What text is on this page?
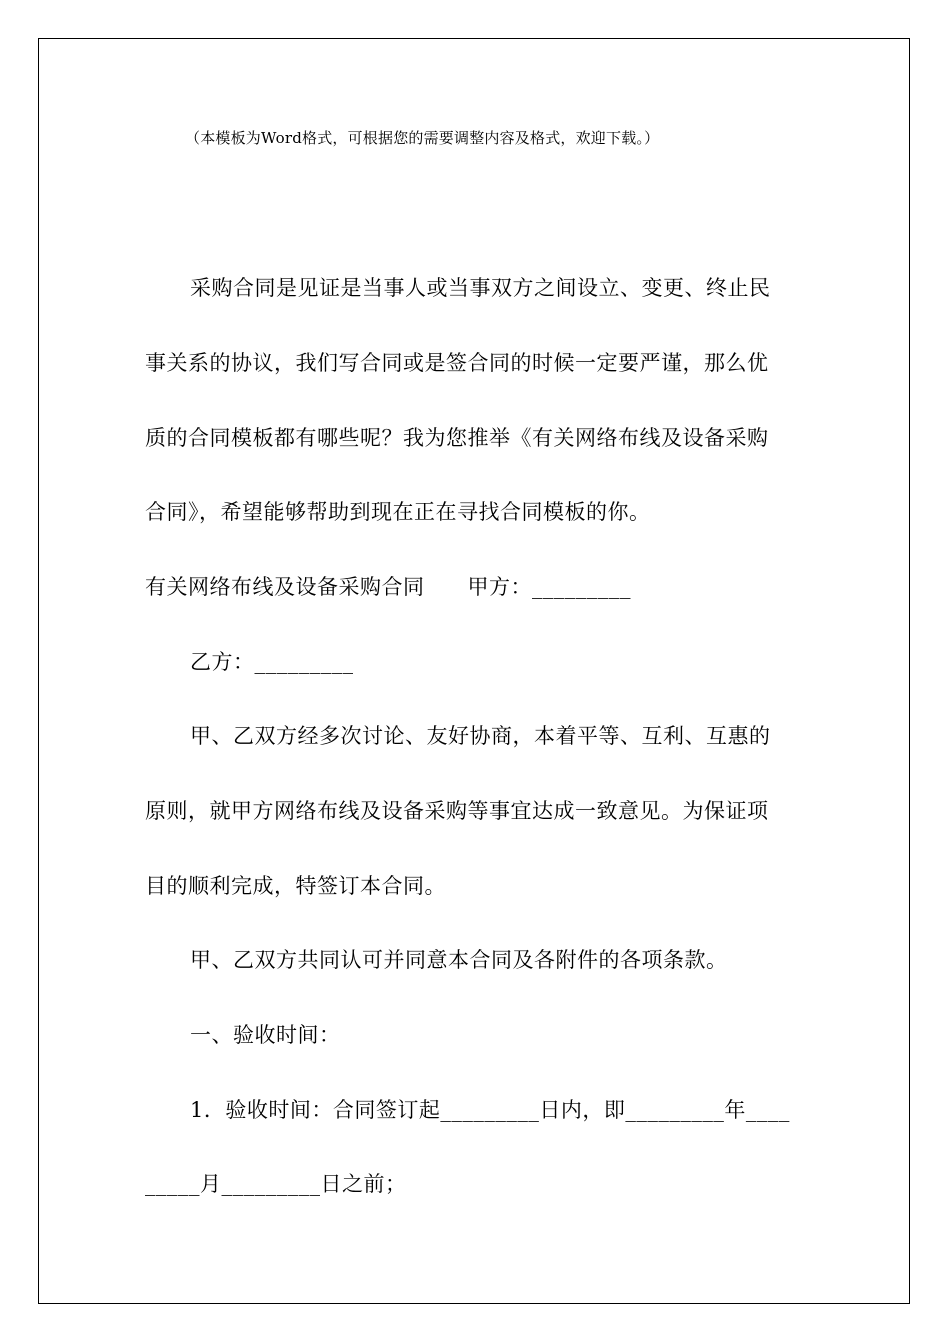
（本模板为Word格式，可根据您的需要调整内容及格式，欢迎下载。）
采购合同是见证是当事人或当事双方之间设立、变更、终止民
事关系的协议，我们写合同或是签合同的时候一定要严谨，那么优
质的合同模板都有哪些呢？我为您推举《有关网络布线及设备采购
合同》，希望能够帮助到现在正在寻找合同模板的你。
有关网络布线及设备采购合同　　甲方：_________
乙方：_________
甲、乙双方经多次讨论、友好协商，本着平等、互利、互惠的
原则，就甲方网络布线及设备采购等事宜达成一致意见。为保证项
目的顺利完成，特签订本合同。
甲、乙双方共同认可并同意本合同及各附件的各项条款。
一、验收时间：
1．验收时间：合同签订起_________日内，即_________年____
_____月_________日之前；
